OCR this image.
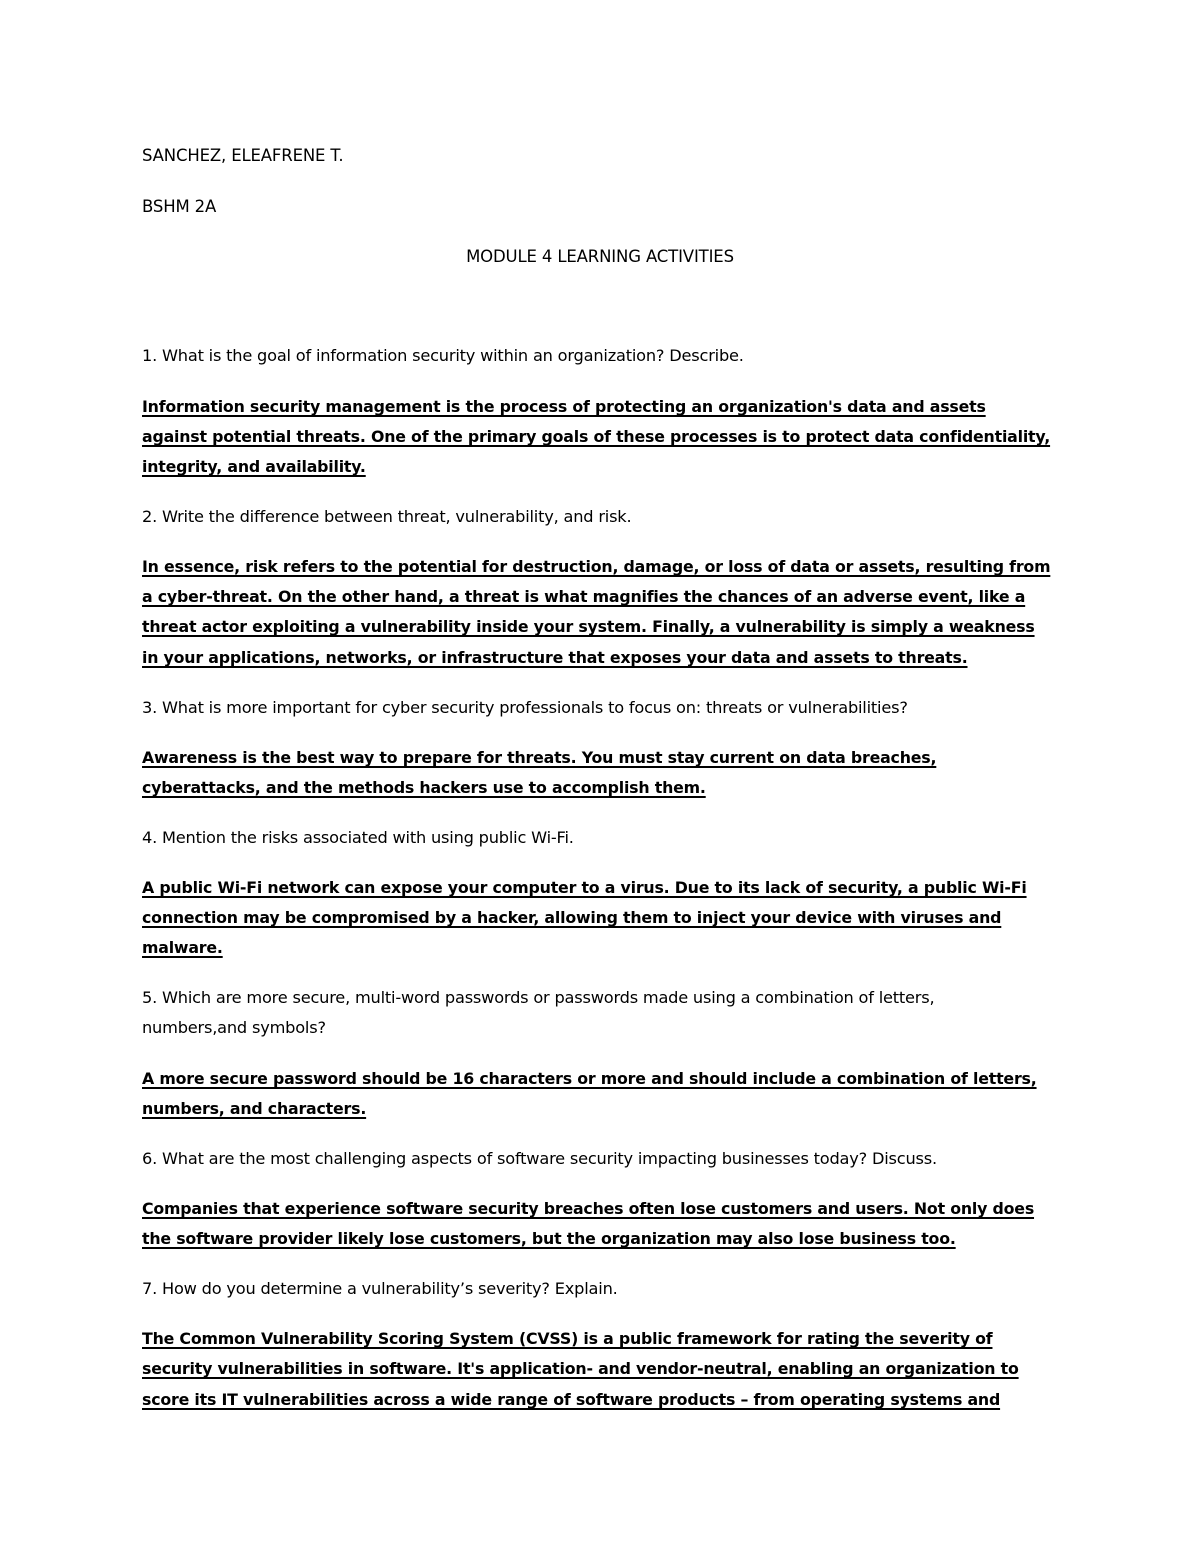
SANCHEZ, ELEAFRENE T.
BSHM 2A
MODULE 4 LEARNING ACTIVITIES
1. What is the goal of information security within an organization? Describe.
Information security management is the process of protecting an organization's data and assets
against potential threats. One of the primary goals of these processes is to protect data confidentiality,
integrity, and availability.
2. Write the difference between threat, vulnerability, and risk.
In essence, risk refers to the potential for destruction, damage, or loss of data or assets, resulting from
a cyber-threat. On the other hand, a threat is what magnifies the chances of an adverse event, like a
threat actor exploiting a vulnerability inside your system. Finally, a vulnerability is simply a weakness
in your applications, networks, or infrastructure that exposes your data and assets to threats.
3. What is more important for cyber security professionals to focus on: threats or vulnerabilities?
Awareness is the best way to prepare for threats. You must stay current on data breaches,
cyberattacks, and the methods hackers use to accomplish them.
4. Mention the risks associated with using public Wi-Fi.
A public Wi-Fi network can expose your computer to a virus. Due to its lack of security, a public Wi-Fi
connection may be compromised by a hacker, allowing them to inject your device with viruses and
malware.
5. Which are more secure, multi-word passwords or passwords made using a combination of letters,
numbers,and symbols?
A more secure password should be 16 characters or more and should include a combination of letters,
numbers, and characters.
6. What are the most challenging aspects of software security impacting businesses today? Discuss.
Companies that experience software security breaches often lose customers and users. Not only does
the software provider likely lose customers, but the organization may also lose business too.
7. How do you determine a vulnerability’s severity? Explain.
The Common Vulnerability Scoring System (CVSS) is a public framework for rating the severity of
security vulnerabilities in software. It's application- and vendor-neutral, enabling an organization to
score its IT vulnerabilities across a wide range of software products – from operating systems and
